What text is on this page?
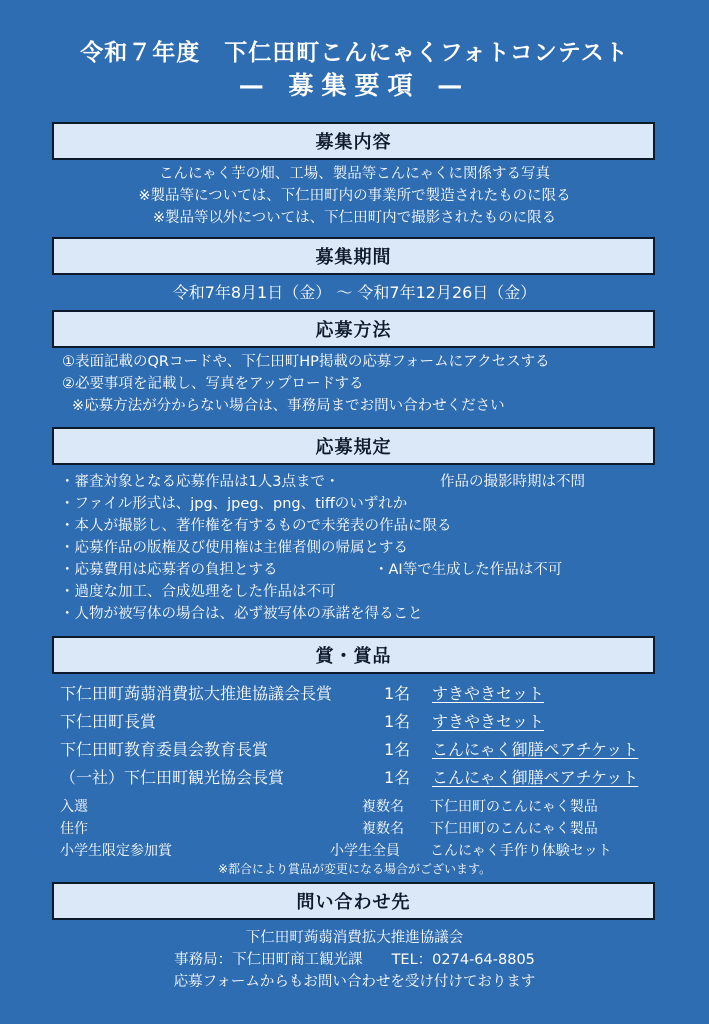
令和７年度　下仁田町こんにゃくフォトコンテスト
— 募集要項 —
募集内容
こんにゃく芋の畑、工場、製品等こんにゃくに関係する写真
※製品等については、下仁田町内の事業所で製造されたものに限る
※製品等以外については、下仁田町内で撮影されたものに限る
募集期間
令和7年8月1日（金） ～ 令和7年12月26日（金）
応募方法
①表面記載のQRコードや、下仁田町HP掲載の応募フォームにアクセスする
②必要事項を記載し、写真をアップロードする
※応募方法が分からない場合は、事務局までお問い合わせください
応募規定
・審査対象となる応募作品は1人3点まで・	作品の撮影時期は不問
・ファイル形式は、jpg、jpeg、png、tiffのいずれか
・本人が撮影し、著作権を有するもので未発表の作品に限る
・応募作品の版権及び使用権は主催者側の帰属とする
・応募費用は応募者の負担とする	・AI等で生成した作品は不可
・過度な加工、合成処理をした作品は不可
・人物が被写体の場合は、必ず被写体の承諾を得ること
賞・賞品
下仁田町蒟蒻消費拡大推進協議会長賞	1名 すきやきセット
下仁田町長賞	1名 すきやきセット
下仁田町教育委員会教育長賞	1名 こんにゃく御膳ペアチケット
（一社）下仁田町観光協会長賞	1名 こんにゃく御膳ペアチケット
入選	複数名 下仁田町のこんにゃく製品
佳作	複数名 下仁田町のこんにゃく製品
小学生限定参加賞	小学生全員 こんにゃく手作り体験セット
※都合により賞品が変更になる場合がございます。
問い合わせ先
下仁田町蒟蒻消費拡大推進協議会
事務局：下仁田町商工観光課　　TEL：0274-64-8805
応募フォームからもお問い合わせを受け付けております
